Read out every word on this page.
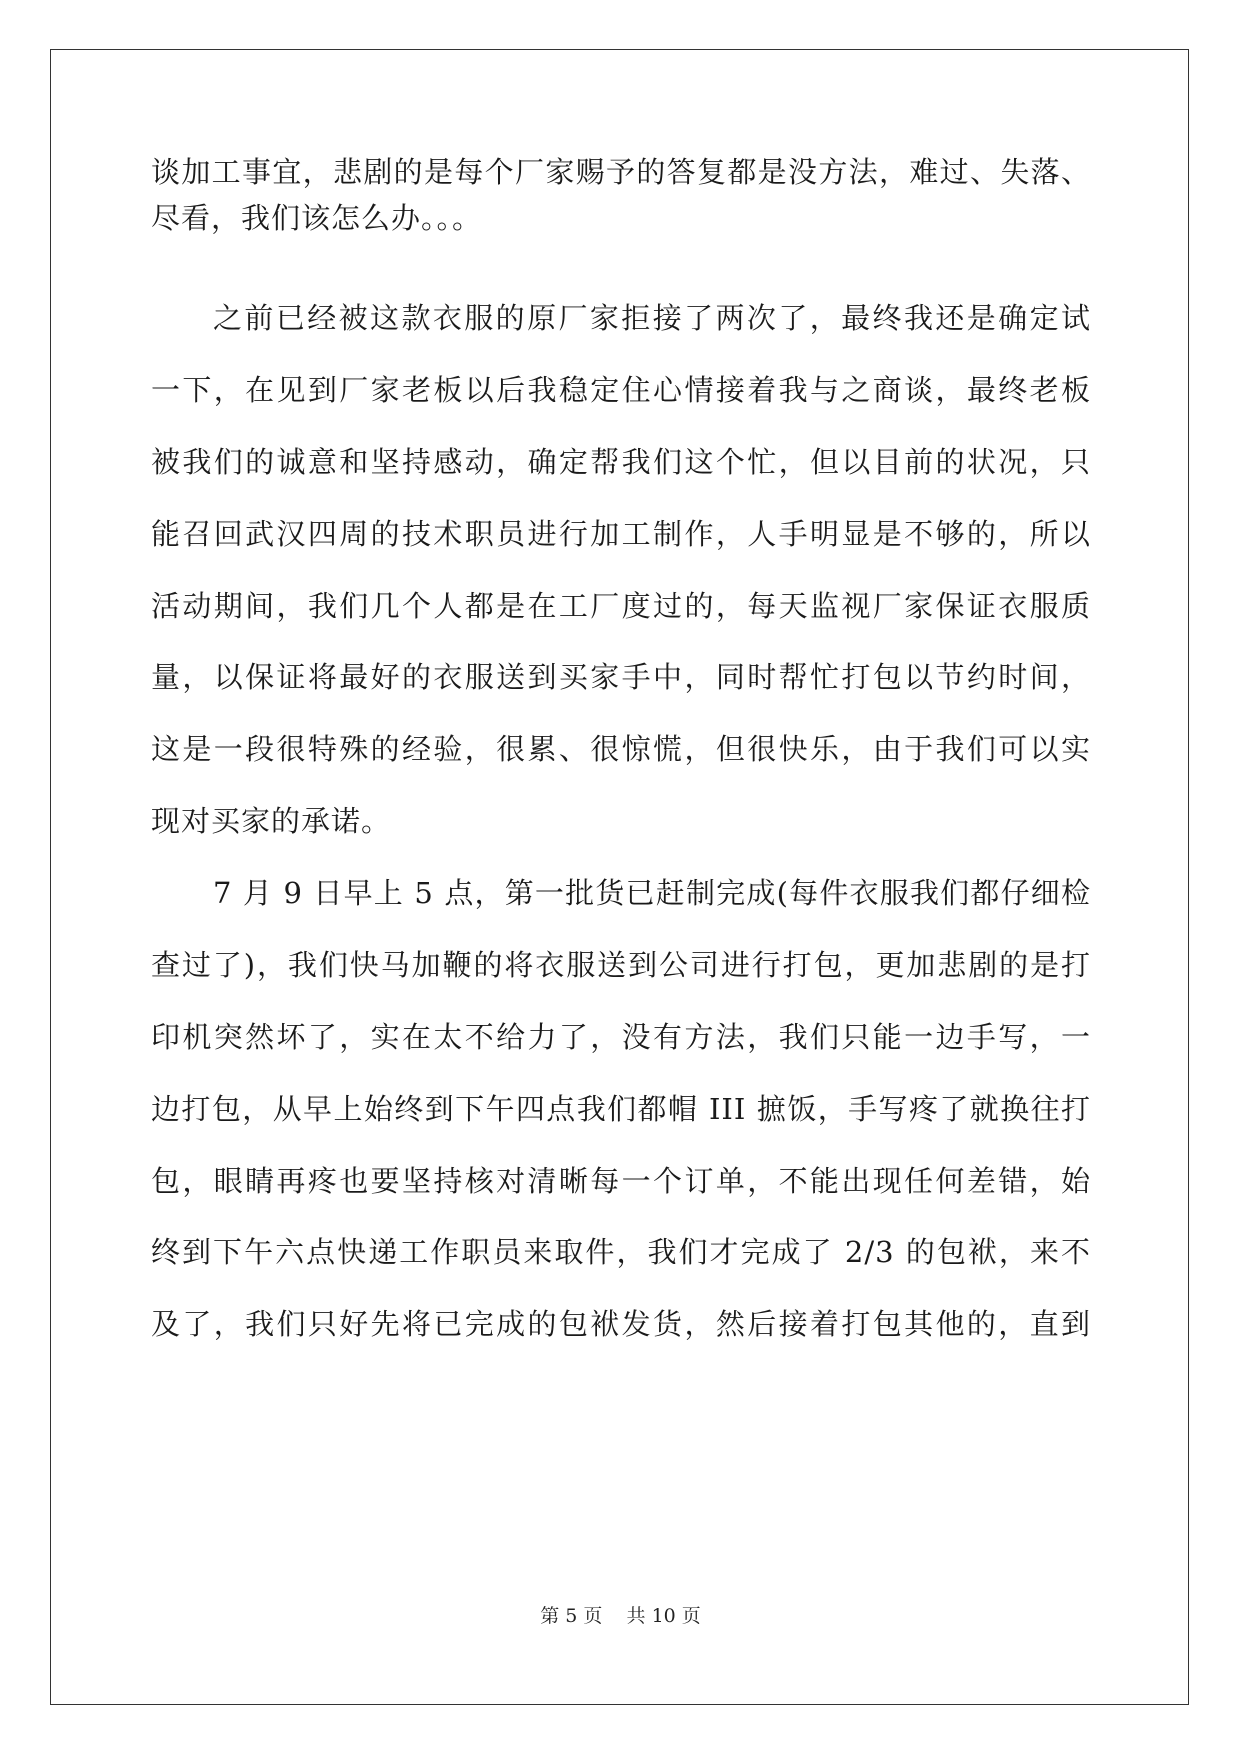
谈加工事宜，悲剧的是每个厂家赐予的答复都是没方法，难过、失落、
尽看，我们该怎么办。。。
之前已经被这款衣服的原厂家拒接了两次了，最终我还是确定试
一下，在见到厂家老板以后我稳定住心情接着我与之商谈，最终老板
被我们的诚意和坚持感动，确定帮我们这个忙，但以目前的状况，只
能召回武汉四周的技术职员进行加工制作，人手明显是不够的，所以
活动期间，我们几个人都是在工厂度过的，每天监视厂家保证衣服质
量，以保证将最好的衣服送到买家手中，同时帮忙打包以节约时间，
这是一段很特殊的经验，很累、很惊慌，但很快乐，由于我们可以实
现对买家的承诺。
7 月 9 日早上 5 点，第一批货已赶制完成(每件衣服我们都仔细检
查过了)，我们快马加鞭的将衣服送到公司进行打包，更加悲剧的是打
印机突然坏了，实在太不给力了，没有方法，我们只能一边手写，一
边打包，从早上始终到下午四点我们都帽 III 摭饭，手写疼了就换往打
包，眼睛再疼也要坚持核对清晰每一个订单，不能出现任何差错，始
终到下午六点快递工作职员来取件，我们才完成了 2/3 的包袱，来不
及了，我们只好先将已完成的包袱发货，然后接着打包其他的，直到
第 5 页    共 10 页
